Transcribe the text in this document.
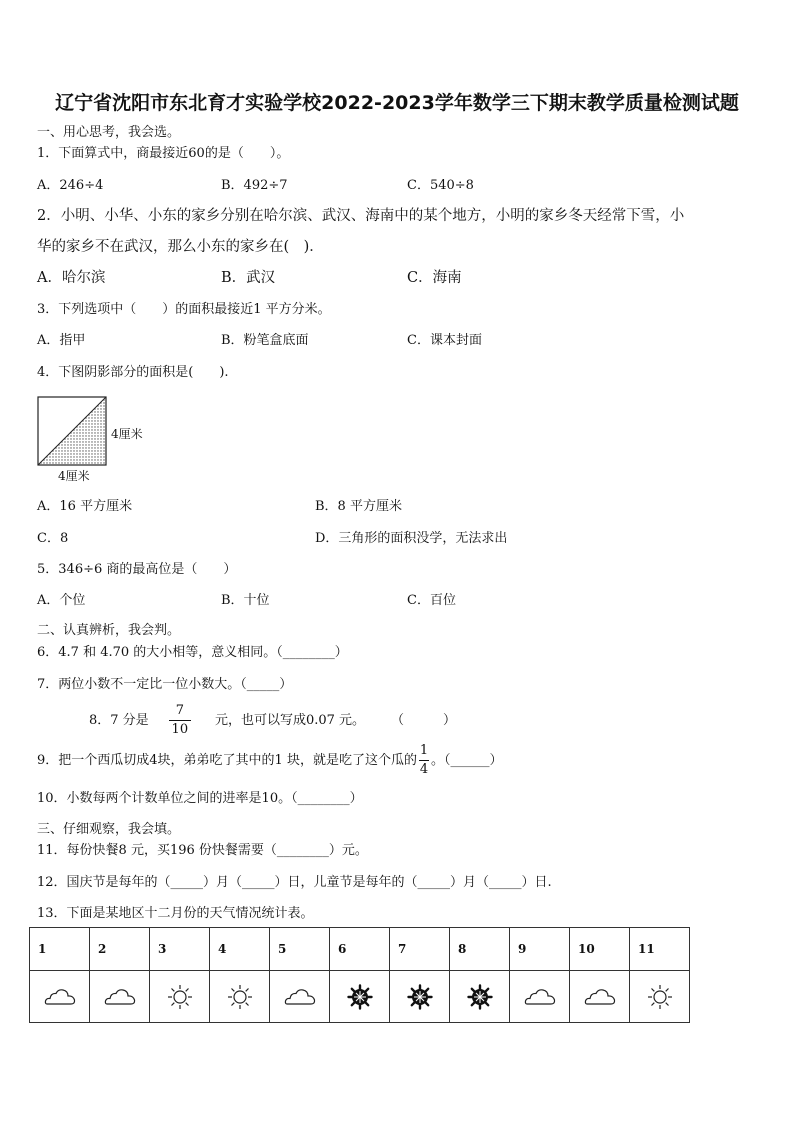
辽宁省沈阳市东北育才实验学校2022-2023学年数学三下期末教学质量检测试题
一、用心思考，我会选。
1．下面算式中，商最接近60的是（　　）。
A．246÷4	B．492÷7	C．540÷8
2．小明、小华、小东的家乡分别在哈尔滨、武汉、海南中的某个地方，小明的家乡冬天经常下雪，小
华的家乡不在武汉，那么小东的家乡在(　)．
A．哈尔滨	B．武汉	C．海南
3．下列选项中（　　）的面积最接近1 平方分米。
A．指甲	B．粉笔盒底面	C．课本封面
4．下图阴影部分的面积是(　　).
4厘米
4厘米
A．16 平方厘米	B．8 平方厘米
C．8	D．三角形的面积没学，无法求出
5．346÷6 商的最高位是（　　）
A．个位	B．十位	C．百位
二、认真辨析，我会判。
6．4.7 和 4.70 的大小相等，意义相同。（________）
7．两位小数不一定比一位小数大。（_____）
8．7 分是 $\frac{7}{10}$ 元，也可以写成0.07 元。　　　（　　　）
9．把一个西瓜切成4块，弟弟吃了其中的1 块，就是吃了这个瓜的 $\frac{1}{4}$ 。（______）
10．小数每两个计数单位之间的进率是10。（________）
三、仔细观察，我会填。
11．每份快餐8 元，买196 份快餐需要（________）元。
12．国庆节是每年的（_____）月（_____）日，儿童节是每年的（_____）月（_____）日.
13．下面是某地区十二月份的天气情况统计表。
1	2	3	4	5	6	7	8	9	10	11
